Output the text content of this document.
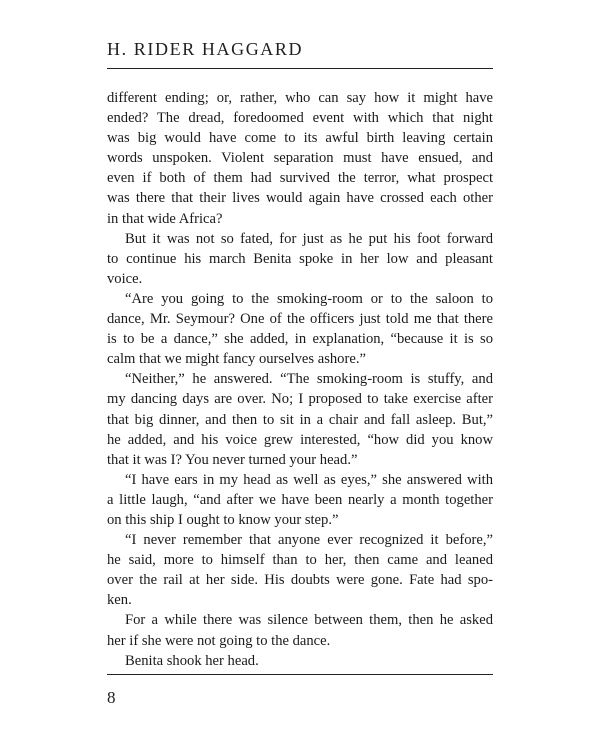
H. RIDER HAGGARD
different ending; or, rather, who can say how it might have
ended? The dread, foredoomed event with which that night
was big would have come to its awful birth leaving certain
words unspoken. Violent separation must have ensued, and
even if both of them had survived the terror, what prospect
was there that their lives would again have crossed each other
in that wide Africa?
But it was not so fated, for just as he put his foot forward
to continue his march Benita spoke in her low and pleasant
voice.
“Are you going to the smoking-room or to the saloon to
dance, Mr. Seymour? One of the officers just told me that there
is to be a dance,” she added, in explanation, “because it is so
calm that we might fancy ourselves ashore.”
“Neither,” he answered. “The smoking-room is stuffy, and
my dancing days are over. No; I proposed to take exercise after
that big dinner, and then to sit in a chair and fall asleep. But,”
he added, and his voice grew interested, “how did you know
that it was I? You never turned your head.”
“I have ears in my head as well as eyes,” she answered with
a little laugh, “and after we have been nearly a month together
on this ship I ought to know your step.”
“I never remember that anyone ever recognized it before,”
he said, more to himself than to her, then came and leaned
over the rail at her side. His doubts were gone. Fate had spo-
ken.
For a while there was silence between them, then he asked
her if she were not going to the dance.
Benita shook her head.
8
